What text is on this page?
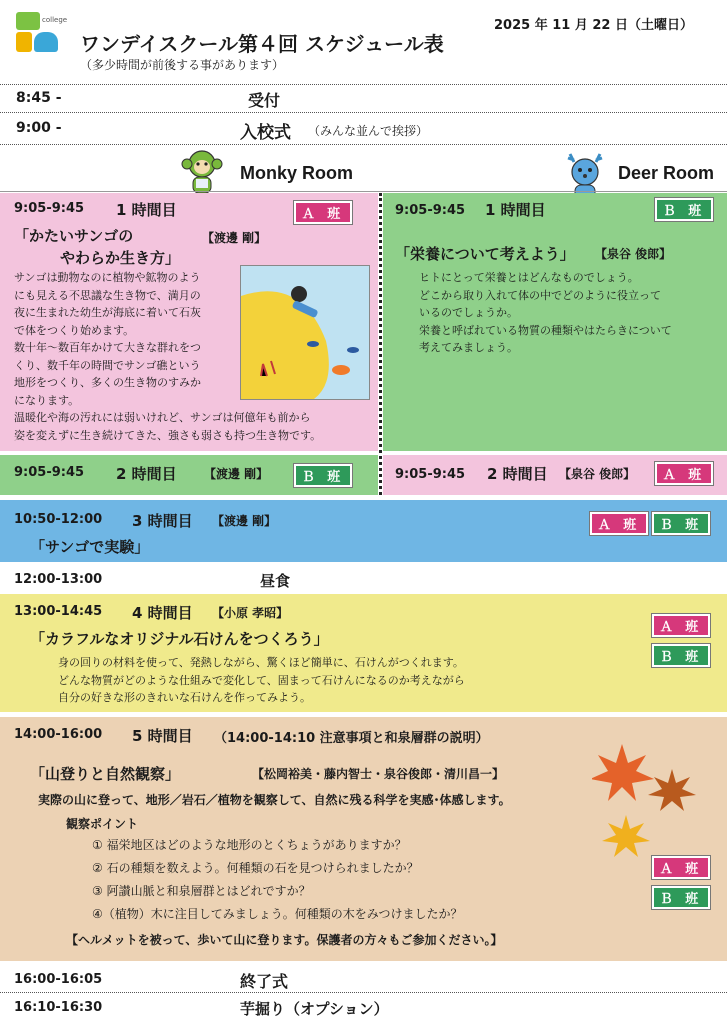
college
ワンデイスクール第４回 スケジュール表
（多少時間が前後する事があります）
2025 年 11 月 22 日（土曜日）
8:45 -	受付
9:00 -	入校式 （みんな並んで挨拶）
Monky Room	Deer Room
9:05-9:45 1 時間目	Ａ 班
「かたいサンゴの	【渡邊 剛】
やわらか生き方」
サンゴは動物なのに植物や鉱物のよう
にも見える不思議な生き物で、満月の
夜に生まれた幼生が海底に着いて石灰
で体をつくり始めます。
数十年〜数百年かけて大きな群れをつ
くり、数千年の時間でサンゴ礁という
地形をつくり、多くの生き物のすみか
になります。
温暖化や海の汚れには弱いけれど、サンゴは何億年も前から
姿を変えずに生き続けてきた、強さも弱さも持つ生き物です。
9:05-9:45 1 時間目	Ｂ 班
「栄養について考えよう」 【泉谷 俊郎】
ヒトにとって栄養とはどんなものでしょう。
どこから取り入れて体の中でどのように役立って
いるのでしょうか。
栄養と呼ばれている物質の種類やはたらきについて
考えてみましょう。
9:05-9:45 2 時間目 【渡邊 剛】	Ｂ 班	9:05-9:45 2 時間目 【泉谷 俊郎】	Ａ 班
10:50-12:00 3 時間目 【渡邊 剛】
「サンゴで実験」
Ａ 班	Ｂ 班
12:00-13:00	昼食
13:00-14:45 4 時間目 【小原 孝昭】
「カラフルなオリジナル石けんをつくろう」
身の回りの材料を使って、発熱しながら、驚くほど簡単に、石けんがつくれます。
どんな物質がどのような仕組みで変化して、固まって石けんになるのか考えながら
自分の好きな形のきれいな石けんを作ってみよう。
Ａ 班
Ｂ 班
14:00-16:00 5 時間目 （14:00-14:10 注意事項と和泉層群の説明）
「山登りと自然観察」	【松岡裕美・藤内智士・泉谷俊郎・清川昌一】
実際の山に登って、地形／岩石／植物を観察して、自然に残る科学を実感･体感します。
観察ポイント
① 福栄地区はどのような地形のとくちょうがありますか？
② 石の種類を数えよう。何種類の石を見つけられましたか？
③ 阿讃山脈と和泉層群とはどれですか？
④（植物）木に注目してみましょう。何種類の木をみつけましたか？
【ヘルメットを被って、歩いて山に登ります。保護者の方々もご参加ください。】
Ａ 班
Ｂ 班
16:00-16:05	終了式
16:10-16:30	芋掘り（オプション）
